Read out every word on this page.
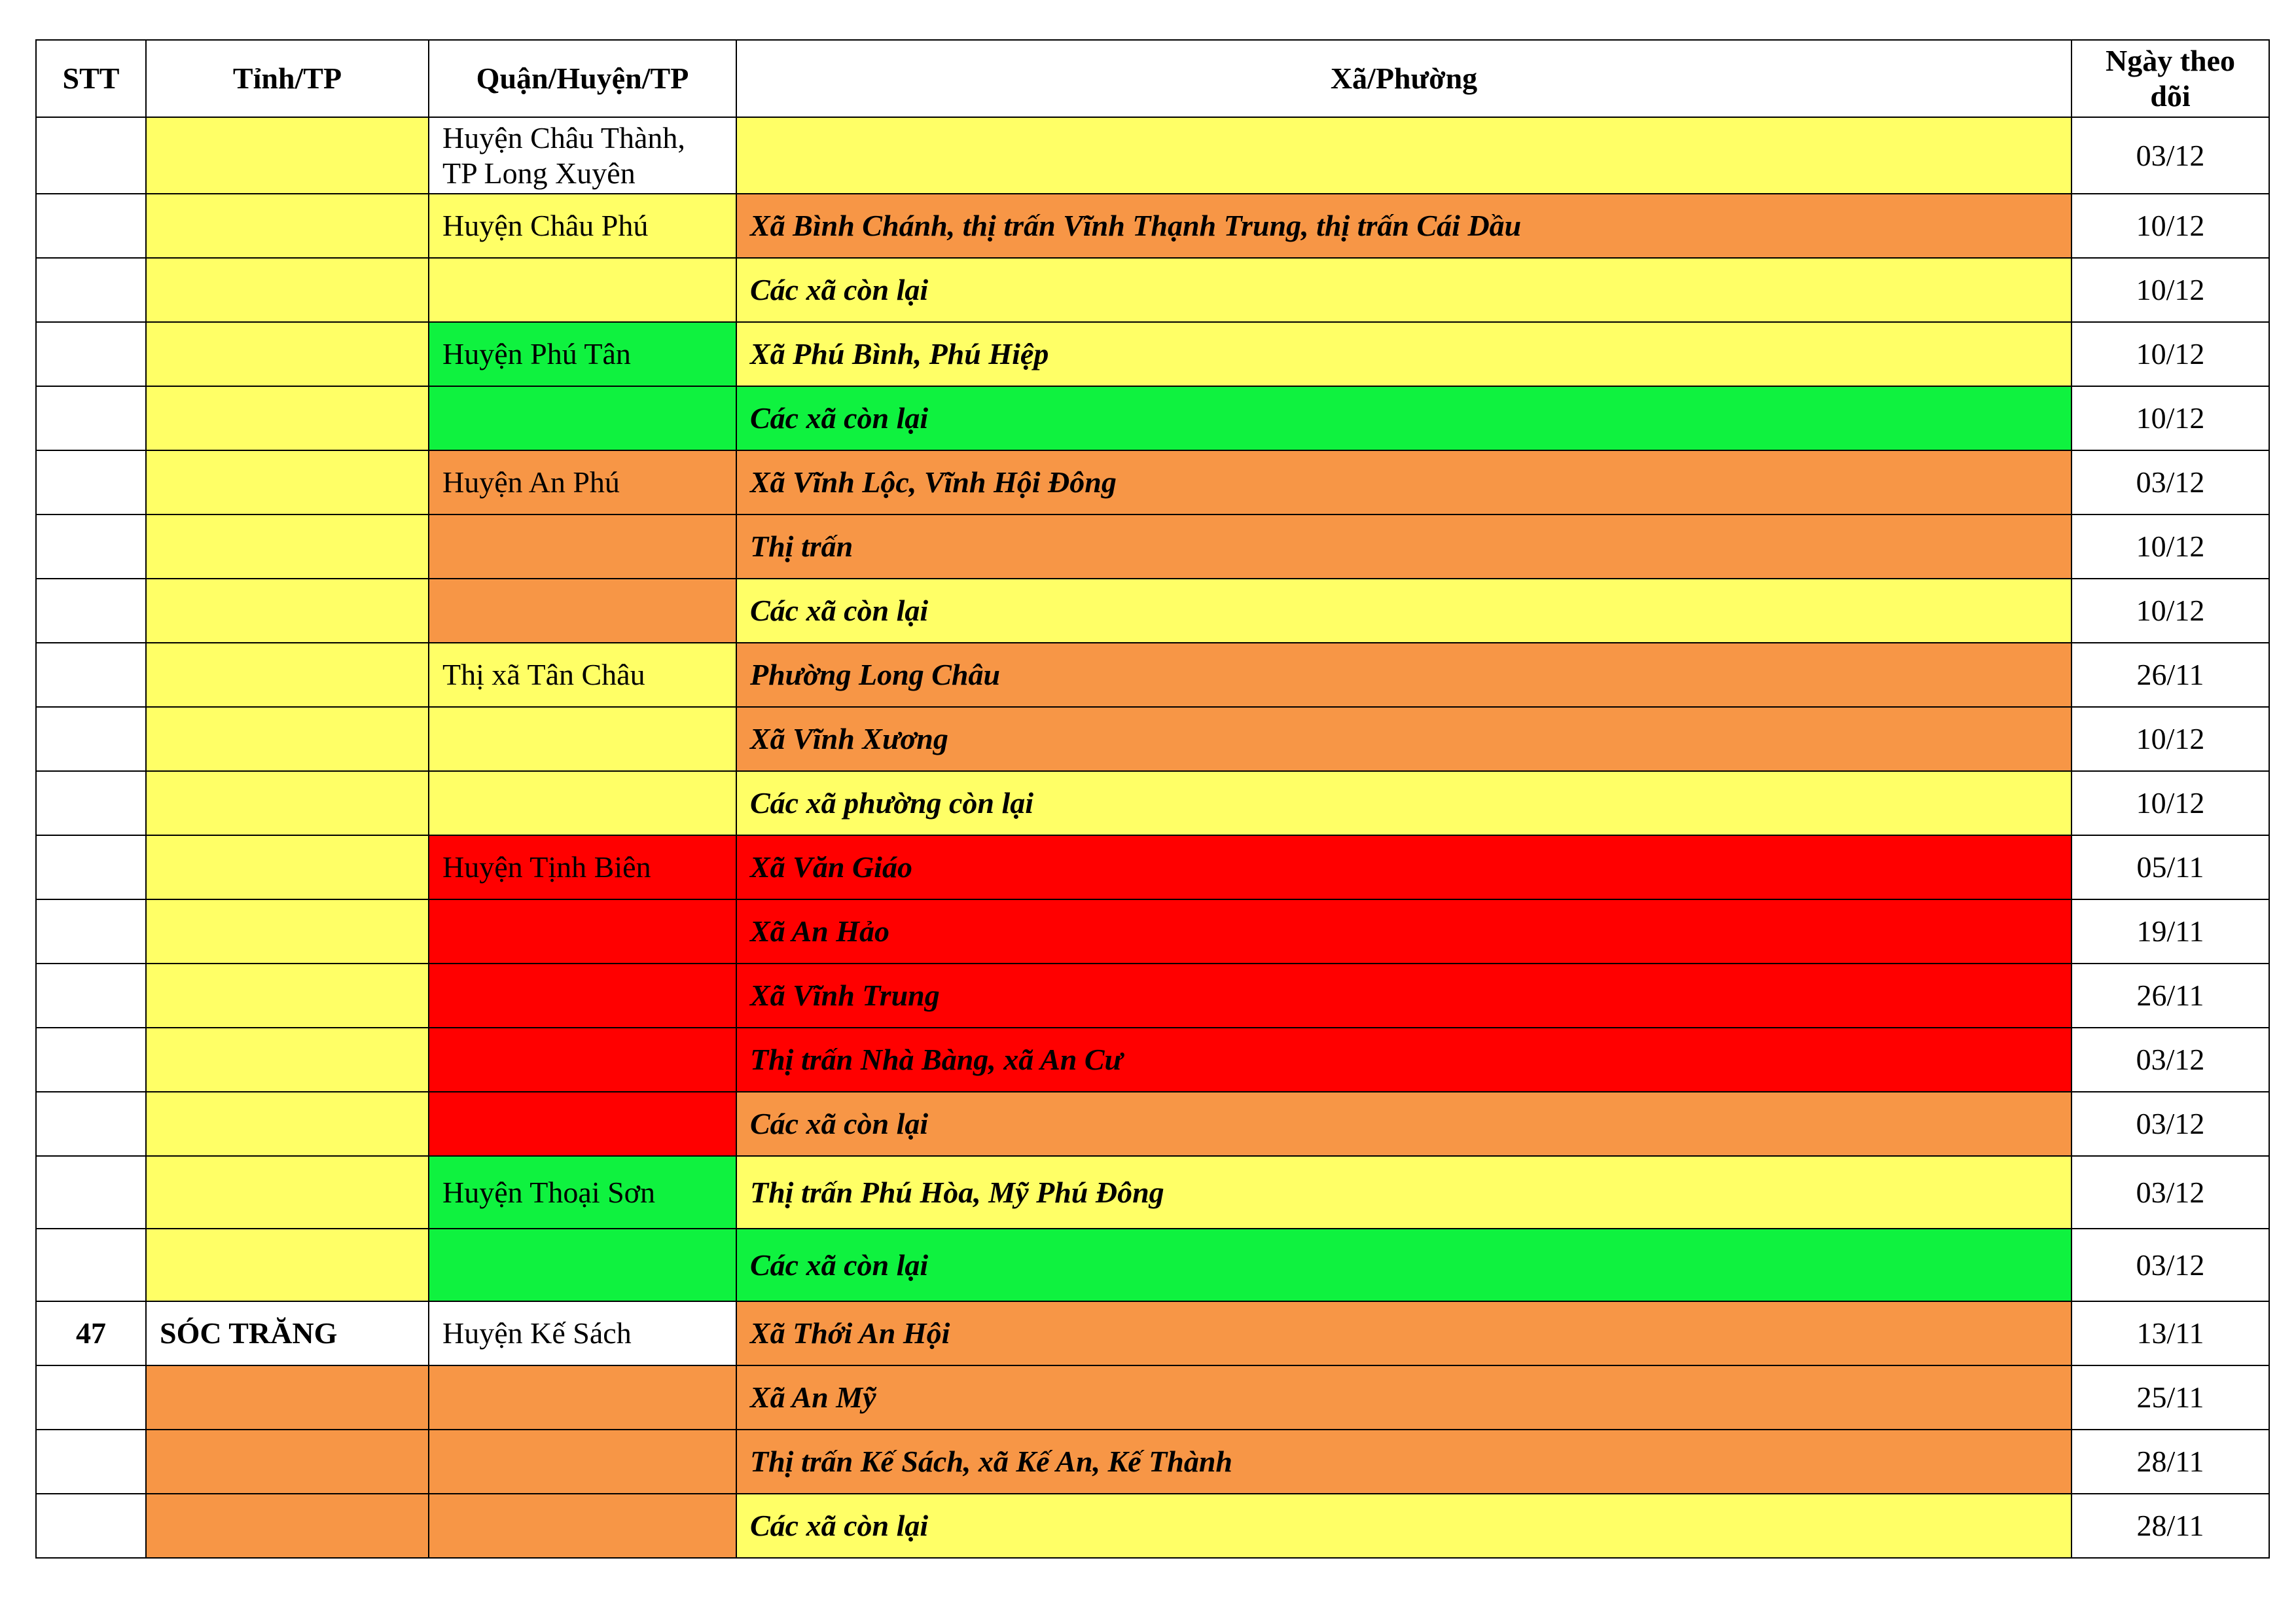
STT	Tỉnh/TP	Quận/Huyện/TP	Xã/Phường	Ngày theo dõi
		Huyện Châu Thành, TP Long Xuyên		03/12
		Huyện Châu Phú	Xã Bình Chánh, thị trấn Vĩnh Thạnh Trung, thị trấn Cái Dầu	10/12
			Các xã còn lại	10/12
		Huyện Phú Tân	Xã Phú Bình, Phú Hiệp	10/12
			Các xã còn lại	10/12
		Huyện An Phú	Xã Vĩnh Lộc, Vĩnh Hội Đông	03/12
			Thị trấn	10/12
			Các xã còn lại	10/12
		Thị xã Tân Châu	Phường Long Châu	26/11
			Xã Vĩnh Xương	10/12
			Các xã phường còn lại	10/12
		Huyện Tịnh Biên	Xã Văn Giáo	05/11
			Xã An Hảo	19/11
			Xã Vĩnh Trung	26/11
			Thị trấn Nhà Bàng, xã An Cư	03/12
			Các xã còn lại	03/12
		Huyện Thoại Sơn	Thị trấn Phú Hòa, Mỹ Phú Đông	03/12
			Các xã còn lại	03/12
47	SÓC TRĂNG	Huyện Kế Sách	Xã Thới An Hội	13/11
			Xã An Mỹ	25/11
			Thị trấn Kế Sách, xã Kế An, Kế Thành	28/11
			Các xã còn lại	28/11
